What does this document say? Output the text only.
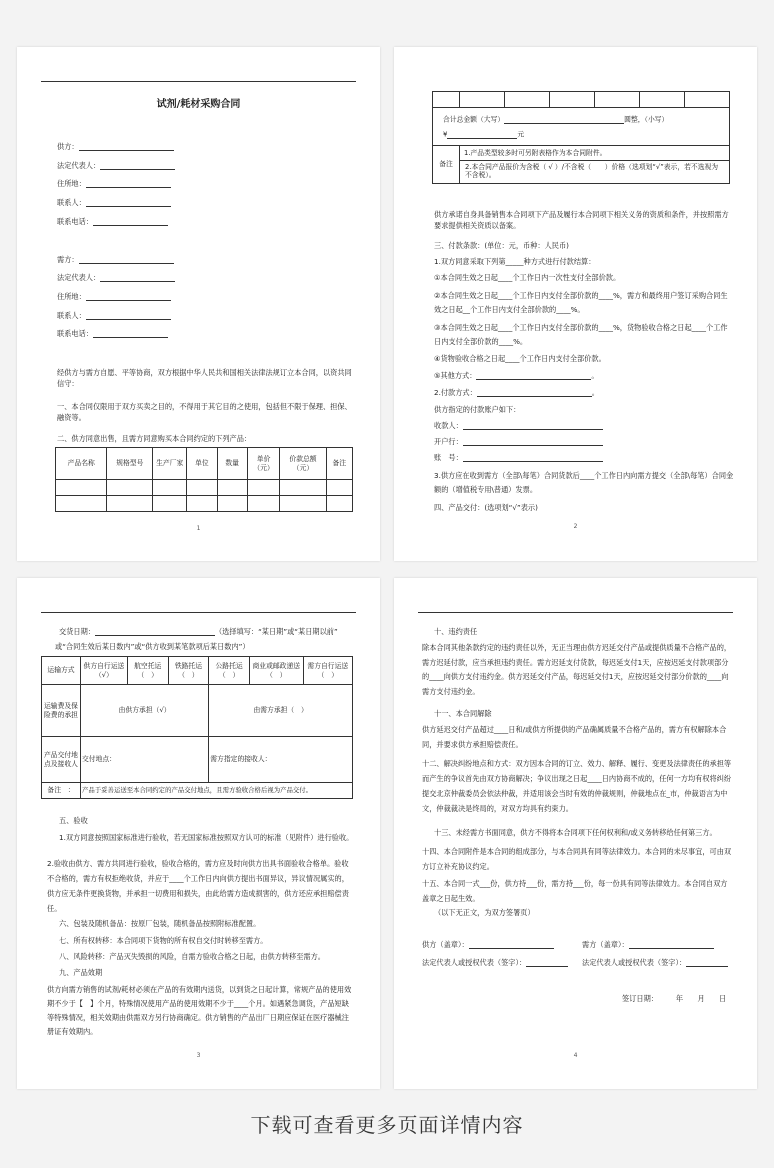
试剂/耗材采购合同
供方：
法定代表人：
住所地：
联系人：
联系电话：
需方：
法定代表人：
住所地：
联系人：
联系电话：
经供方与需方自愿、平等协商，双方根据中华人民共和国相关法律法规订立本合同，以资共同信守：
一、本合同仅限用于双方买卖之目的，不得用于其它目的之使用，包括但不限于保理、担保、融资等。
二、供方同意出售，且需方同意购买本合同约定的下列产品：
产品名称	规格型号	生产厂家	单位	数量	单价（元）	价款总额（元）	备注

1

合计总金额（大写） 圆整，（小写）
¥ 元						

备注	1.产品类型较多时可另附表格作为本合同附件。
2.本合同产品报价为含税（ √ ）/不含税（　　）价格（选项划“√”表示，若不选视为不含税）。					
供方承诺自身具备销售本合同项下产品及履行本合同项下相关义务的资质和条件，并按照需方要求提供相关资质以备案。
三、付款条款：(单位：元，币种：人民币)
1.双方同意采取下列第_____种方式进行付款结算：
①本合同生效之日起____个工作日内一次性支付全部价款。
②本合同生效之日起____个工作日内支付全部价款的____%，需方和最终用户签订采购合同生效之日起__个工作日内支付全部价款的____%。
③本合同生效之日起____个工作日内支付全部价款的____%，货物验收合格之日起____个工作日内支付全部价款的____%。
④货物验收合格之日起____个工作日内支付全部价款。
⑤其他方式：	。
2.付款方式：	。
供方指定的付款账户如下：
收款人：
开户行：
账　号：
3.供方应在收到需方（全部\每笔）合同货款后____个工作日内向需方提交（全部\每笔）合同金额的（增值税专用\普通）发票。
四、产品交付：(选项划“√”表示)
2
交货日期：	（选择填写：“某日期”或“某日期以前”
或“合同生效后某日数内”或“供方收到某笔款项后某日数内”）
运输方式	供方自行运送（√）	航空托运（　）	铁路托运（　）	公路托运（　）	商业或邮政递送（　）	需方自行运送（　）
运输费及保险费的承担	由供方承担（√）			由需方承担（　）		
产品交付地点及接收人	交付地点：			需方指定的接收人：		
备注　：	产品于妥善运送至本合同约定的产品交付地点，且需方验收合格后视为产品交付。					
五、验收
1.双方同意按照国家标准进行验收，若无国家标准按照双方认可的标准（见附件）进行验收。
2.验收由供方、需方共同进行验收，验收合格的，需方应及时向供方出具书面验收合格单。验收不合格的，需方有权拒绝收货，并应于____个工作日内向供方提出书面异议，异议情况属实的，供方应无条件更换货物，并承担一切费用和损失，由此给需方造成损害的，供方还应承担赔偿责任。
六、包装及随机备品：按原厂包装，随机备品按照附标准配置。
七、所有权转移：本合同项下货物的所有权自交付时转移至需方。
八、风险转移：产品灭失毁损的风险，自需方验收合格之日起，由供方转移至需方。
九、产品效期
供方向需方销售的试剂/耗材必须在产品的有效期内送货，以到货之日起计算，常规产品的使用效期不少于【　】个月，特殊情况使用产品的使用效期不少于____个月。如遇紧急调货，产品短缺等特殊情况，相关效期由供需双方另行协商确定。供方销售的产品出厂日期应保证在医疗器械注册证有效期内。
3
十、违约责任
除本合同其他条款约定的违约责任以外，无正当理由供方迟延交付产品或提供质量不合格产品的，需方迟延付款，应当承担违约责任。需方迟延支付货款，每迟延支付1天，应按迟延支付款项部分的____向供方支付违约金。供方迟延交付产品，每迟延交付1天，应按迟延交付部分价款的____向需方支付违约金。
十一、本合同解除
供方延迟交付产品超过____日和/或供方所提供的产品确属质量不合格产品的，需方有权解除本合同，并要求供方承担赔偿责任。
十二、解决纠纷地点和方式：双方因本合同的订立、效力、解释、履行、变更及法律责任的承担等而产生的争议首先由双方协商解决；争议出现之日起____日内协商不成的，任何一方均有权将纠纷提交北京仲裁委员会依法仲裁，并适用该会当时有效的仲裁规则，仲裁地点在_市，仲裁语言为中文，仲裁裁决是终局的，对双方均具有约束力。
十三、未经需方书面同意，供方不得将本合同项下任何权利和/或义务转移给任何第三方。
十四、本合同附件是本合同的组成部分，与本合同具有同等法律效力。本合同的未尽事宜，可由双方订立补充协议约定。
十五、本合同一式___份，供方持___份，需方持___份，每一份具有同等法律效力。本合同自双方盖章之日起生效。
（以下无正文，为双方签署页）
供方（盖章）：	需方（盖章）：
法定代表人或授权代表（签字）：	法定代表人或授权代表（签字）：
签订日期：　　　年　　月　　日
4
下载可查看更多页面详情内容
